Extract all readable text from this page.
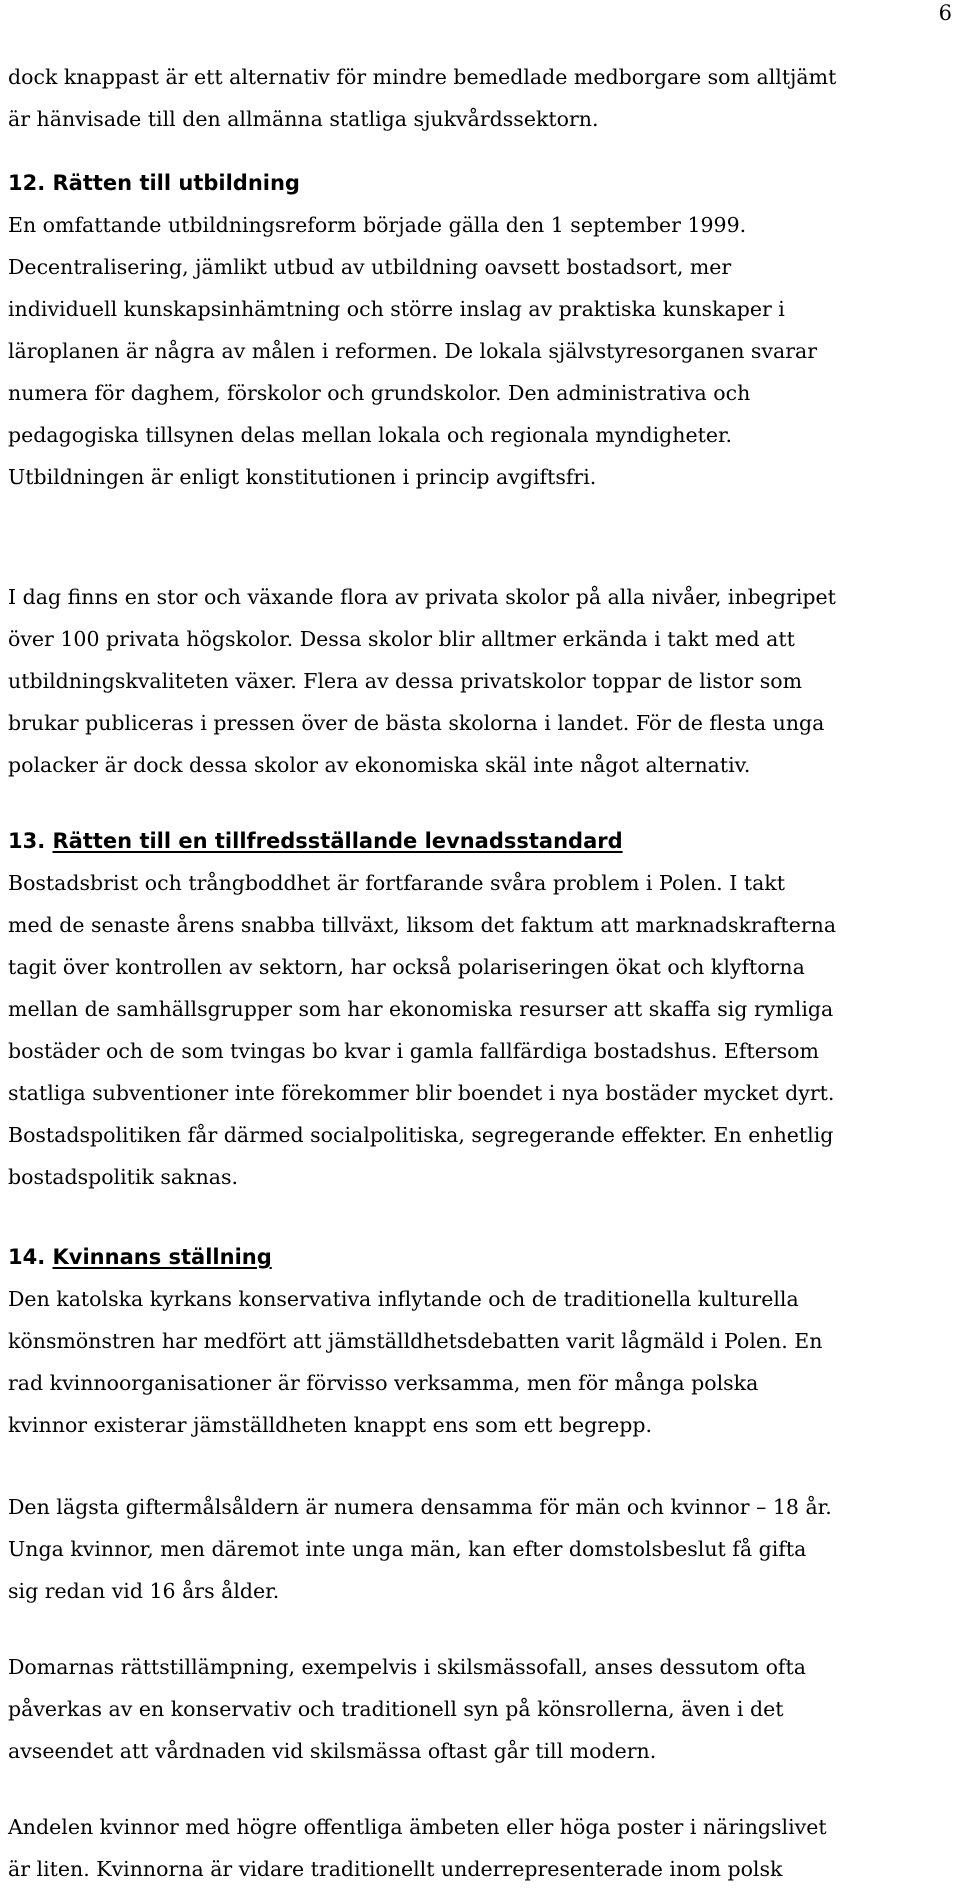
6
dock knappast är ett alternativ för mindre bemedlade medborgare som alltjämt
är hänvisade till den allmänna statliga sjukvårdssektorn.
12. Rätten till utbildning
En omfattande utbildningsreform började gälla den 1 september 1999.
Decentralisering, jämlikt utbud av utbildning oavsett bostadsort, mer
individuell kunskapsinhämtning och större inslag av praktiska kunskaper i
läroplanen är några av målen i reformen. De lokala självstyresorganen svarar
numera för daghem, förskolor och grundskolor. Den administrativa och
pedagogiska tillsynen delas mellan lokala och regionala myndigheter.
Utbildningen är enligt konstitutionen i princip avgiftsfri.
I dag finns en stor och växande flora av privata skolor på alla nivåer, inbegripet
över 100 privata högskolor. Dessa skolor blir alltmer erkända i takt med att
utbildningskvaliteten växer. Flera av dessa privatskolor toppar de listor som
brukar publiceras i pressen över de bästa skolorna i landet. För de flesta unga
polacker är dock dessa skolor av ekonomiska skäl inte något alternativ.
13. Rätten till en tillfredsställande levnadsstandard
Bostadsbrist och trångboddhet är fortfarande svåra problem i Polen. I takt
med de senaste årens snabba tillväxt, liksom det faktum att marknadskrafterna
tagit över kontrollen av sektorn, har också polariseringen ökat och klyftorna
mellan de samhällsgrupper som har ekonomiska resurser att skaffa sig rymliga
bostäder och de som tvingas bo kvar i gamla fallfärdiga bostadshus. Eftersom
statliga subventioner inte förekommer blir boendet i nya bostäder mycket dyrt.
Bostadspolitiken får därmed socialpolitiska, segregerande effekter. En enhetlig
bostadspolitik saknas.
14. Kvinnans ställning
Den katolska kyrkans konservativa inflytande och de traditionella kulturella
könsmönstren har medfört att jämställdhetsdebatten varit lågmäld i Polen. En
rad kvinnoorganisationer är förvisso verksamma, men för många polska
kvinnor existerar jämställdheten knappt ens som ett begrepp.
Den lägsta giftermålsåldern är numera densamma för män och kvinnor – 18 år.
Unga kvinnor, men däremot inte unga män, kan efter domstolsbeslut få gifta
sig redan vid 16 års ålder.
Domarnas rättstillämpning, exempelvis i skilsmässofall, anses dessutom ofta
påverkas av en konservativ och traditionell syn på könsrollerna, även i det
avseendet att vårdnaden vid skilsmässa oftast går till modern.
Andelen kvinnor med högre offentliga ämbeten eller höga poster i näringslivet
är liten. Kvinnorna är vidare traditionellt underrepresenterade inom polsk
